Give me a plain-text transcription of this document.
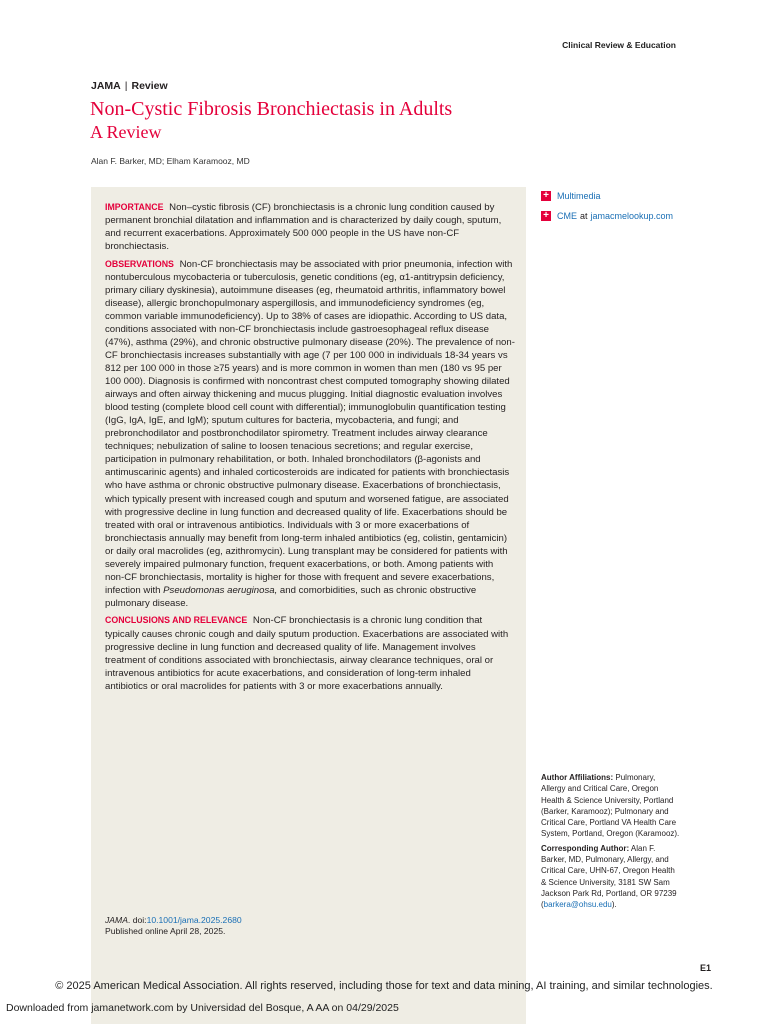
Clinical Review & Education
JAMA | Review
Non-Cystic Fibrosis Bronchiectasis in Adults
A Review
Alan F. Barker, MD; Elham Karamooz, MD

IMPORTANCE Non–cystic fibrosis (CF) bronchiectasis is a chronic lung condition caused by permanent bronchial dilatation and inflammation and is characterized by daily cough, sputum, and recurrent exacerbations. Approximately 500 000 people in the US have non-CF bronchiectasis.

OBSERVATIONS Non-CF bronchiectasis may be associated with prior pneumonia, infection with nontuberculous mycobacteria or tuberculosis, genetic conditions (eg, α1-antitrypsin deficiency, primary ciliary dyskinesia), autoimmune diseases (eg, rheumatoid arthritis, inflammatory bowel disease), allergic bronchopulmonary aspergillosis, and immunodeficiency syndromes (eg, common variable immunodeficiency). Up to 38% of cases are idiopathic. According to US data, conditions associated with non-CF bronchiectasis include gastroesophageal reflux disease (47%), asthma (29%), and chronic obstructive pulmonary disease (20%). The prevalence of non-CF bronchiectasis increases substantially with age (7 per 100 000 in individuals 18-34 years vs 812 per 100 000 in those ≥75 years) and is more common in women than men (180 vs 95 per 100 000). Diagnosis is confirmed with noncontrast chest computed tomography showing dilated airways and often airway thickening and mucus plugging. Initial diagnostic evaluation involves blood testing (complete blood cell count with differential); immunoglobulin quantification testing (IgG, IgA, IgE, and IgM); sputum cultures for bacteria, mycobacteria, and fungi; and prebronchodilator and postbronchodilator spirometry. Treatment includes airway clearance techniques; nebulization of saline to loosen tenacious secretions; and regular exercise, participation in pulmonary rehabilitation, or both. Inhaled bronchodilators (β-agonists and antimuscarinic agents) and inhaled corticosteroids are indicated for patients with bronchiectasis who have asthma or chronic obstructive pulmonary disease. Exacerbations of bronchiectasis, which typically present with increased cough and sputum and worsened fatigue, are associated with progressive decline in lung function and decreased quality of life. Exacerbations should be treated with oral or intravenous antibiotics. Individuals with 3 or more exacerbations of bronchiectasis annually may benefit from long-term inhaled antibiotics (eg, colistin, gentamicin) or daily oral macrolides (eg, azithromycin). Lung transplant may be considered for patients with severely impaired pulmonary function, frequent exacerbations, or both. Among patients with non-CF bronchiectasis, mortality is higher for those with frequent and severe exacerbations, infection with Pseudomonas aeruginosa, and comorbidities, such as chronic obstructive pulmonary disease.

CONCLUSIONS AND RELEVANCE Non-CF bronchiectasis is a chronic lung condition that typically causes chronic cough and daily sputum production. Exacerbations are associated with progressive decline in lung function and decreased quality of life. Management involves treatment of conditions associated with bronchiectasis, airway clearance techniques, oral or intravenous antibiotics for acute exacerbations, and consideration of long-term inhaled antibiotics or oral macrolides for patients with 3 or more exacerbations annually.

JAMA. doi:10.1001/jama.2025.2680
Published online April 28, 2025.
+ Multimedia
+ CME at jamacmelookup.com

Author Affiliations: Pulmonary, Allergy and Critical Care, Oregon Health & Science University, Portland (Barker, Karamooz); Pulmonary and Critical Care, Portland VA Health Care System, Portland, Oregon (Karamooz).

Corresponding Author: Alan F. Barker, MD, Pulmonary, Allergy, and Critical Care, UHN-67, Oregon Health & Science University, 3181 SW Sam Jackson Park Rd, Portland, OR 97239 (barkera@ohsu.edu).

E1
© 2025 American Medical Association. All rights reserved, including those for text and data mining, AI training, and similar technologies.
Downloaded from jamanetwork.com by Universidad del Bosque, A AA on 04/29/2025
